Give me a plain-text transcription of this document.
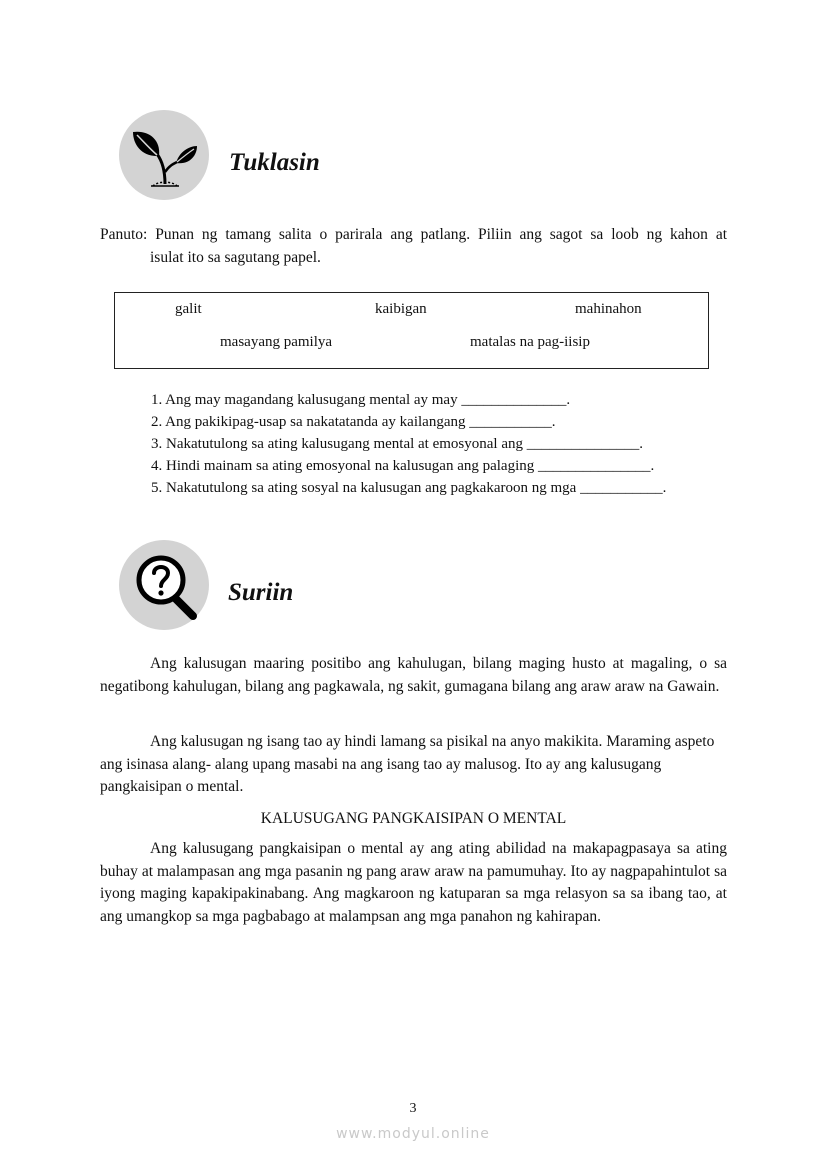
Tuklasin
Panuto: Punan ng tamang salita o parirala ang patlang. Piliin ang sagot sa loob ng kahon at
isulat ito sa sagutang papel.
galit	kaibigan	mahinahon
masayang pamilya	matalas na pag-iisip
1. Ang may magandang kalusugang mental ay may ______________.
2. Ang pakikipag-usap sa nakatatanda ay kailangang ___________.
3. Nakatutulong sa ating kalusugang mental at emosyonal ang _______________.
4. Hindi mainam sa ating emosyonal na kalusugan ang palaging _______________.
5. Nakatutulong sa ating sosyal na kalusugan ang pagkakaroon ng mga ___________.
Suriin
Ang kalusugan maaring positibo ang kahulugan, bilang maging husto at magaling, o sa negatibong kahulugan, bilang ang pagkawala, ng sakit, gumagana bilang ang araw araw na Gawain.
Ang kalusugan ng isang tao ay hindi lamang sa pisikal na anyo makikita. Maraming aspeto ang isinasa alang- alang upang masabi na ang isang tao ay malusog. Ito ay ang kalusugang pangkaisipan o mental.
KALUSUGANG PANGKAISIPAN O MENTAL
Ang kalusugang pangkaisipan o mental ay ang ating abilidad na makapagpasaya sa ating buhay at malampasan ang mga pasanin ng pang araw araw na pamumuhay. Ito ay nagpapahintulot sa iyong maging kapakipakinabang. Ang magkaroon ng katuparan sa mga relasyon sa sa ibang tao, at ang umangkop sa mga pagbabago at malampsan ang mga panahon ng kahirapan.
3
www.modyul.online
